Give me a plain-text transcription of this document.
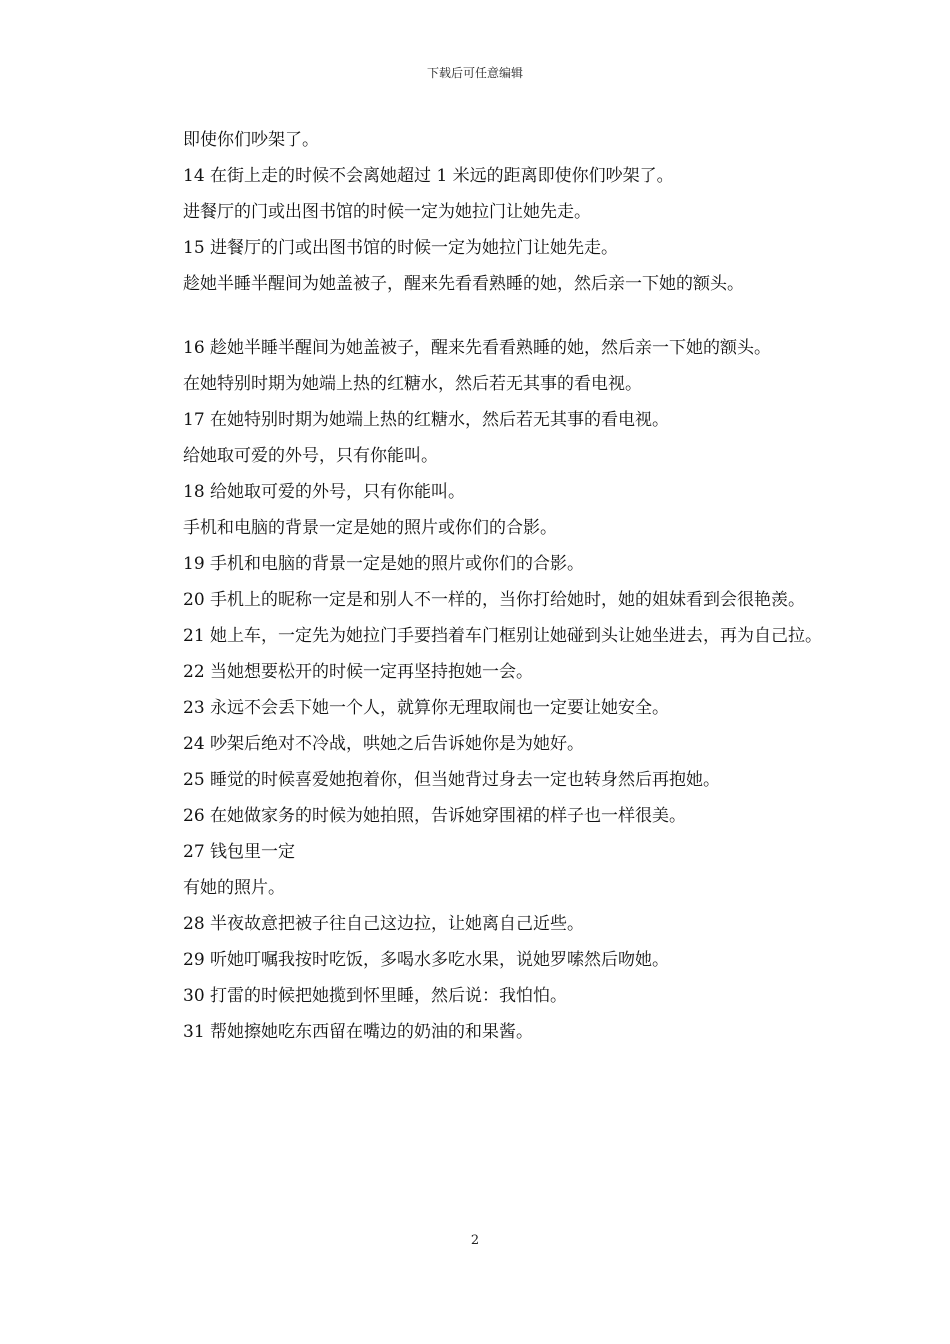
下载后可任意编辑

即使你们吵架了。

14 在街上走的时候不会离她超过 1 米远的距离即使你们吵架了。

进餐厅的门或出图书馆的时候一定为她拉门让她先走。

15 进餐厅的门或出图书馆的时候一定为她拉门让她先走。

趁她半睡半醒间为她盖被子，醒来先看看熟睡的她，然后亲一下她的额头。

16 趁她半睡半醒间为她盖被子，醒来先看看熟睡的她，然后亲一下她的额头。

在她特别时期为她端上热的红糖水，然后若无其事的看电视。

17 在她特别时期为她端上热的红糖水，然后若无其事的看电视。

给她取可爱的外号，只有你能叫。

18 给她取可爱的外号，只有你能叫。

手机和电脑的背景一定是她的照片或你们的合影。

19 手机和电脑的背景一定是她的照片或你们的合影。

20 手机上的昵称一定是和别人不一样的，当你打给她时，她的姐妹看到会很艳羡。

21 她上车，一定先为她拉门手要挡着车门框别让她碰到头让她坐进去，再为自己拉。

22 当她想要松开的时候一定再坚持抱她一会。

23 永远不会丢下她一个人，就算你无理取闹也一定要让她安全。

24 吵架后绝对不冷战，哄她之后告诉她你是为她好。

25 睡觉的时候喜爱她抱着你，但当她背过身去一定也转身然后再抱她。

26 在她做家务的时候为她拍照，告诉她穿围裙的样子也一样很美。

27 钱包里一定

有她的照片。

28 半夜故意把被子往自己这边拉，让她离自己近些。

29 听她叮嘱我按时吃饭，多喝水多吃水果，说她罗嗦然后吻她。

30 打雷的时候把她揽到怀里睡，然后说：我怕怕。

31 帮她擦她吃东西留在嘴边的奶油的和果酱。

2
